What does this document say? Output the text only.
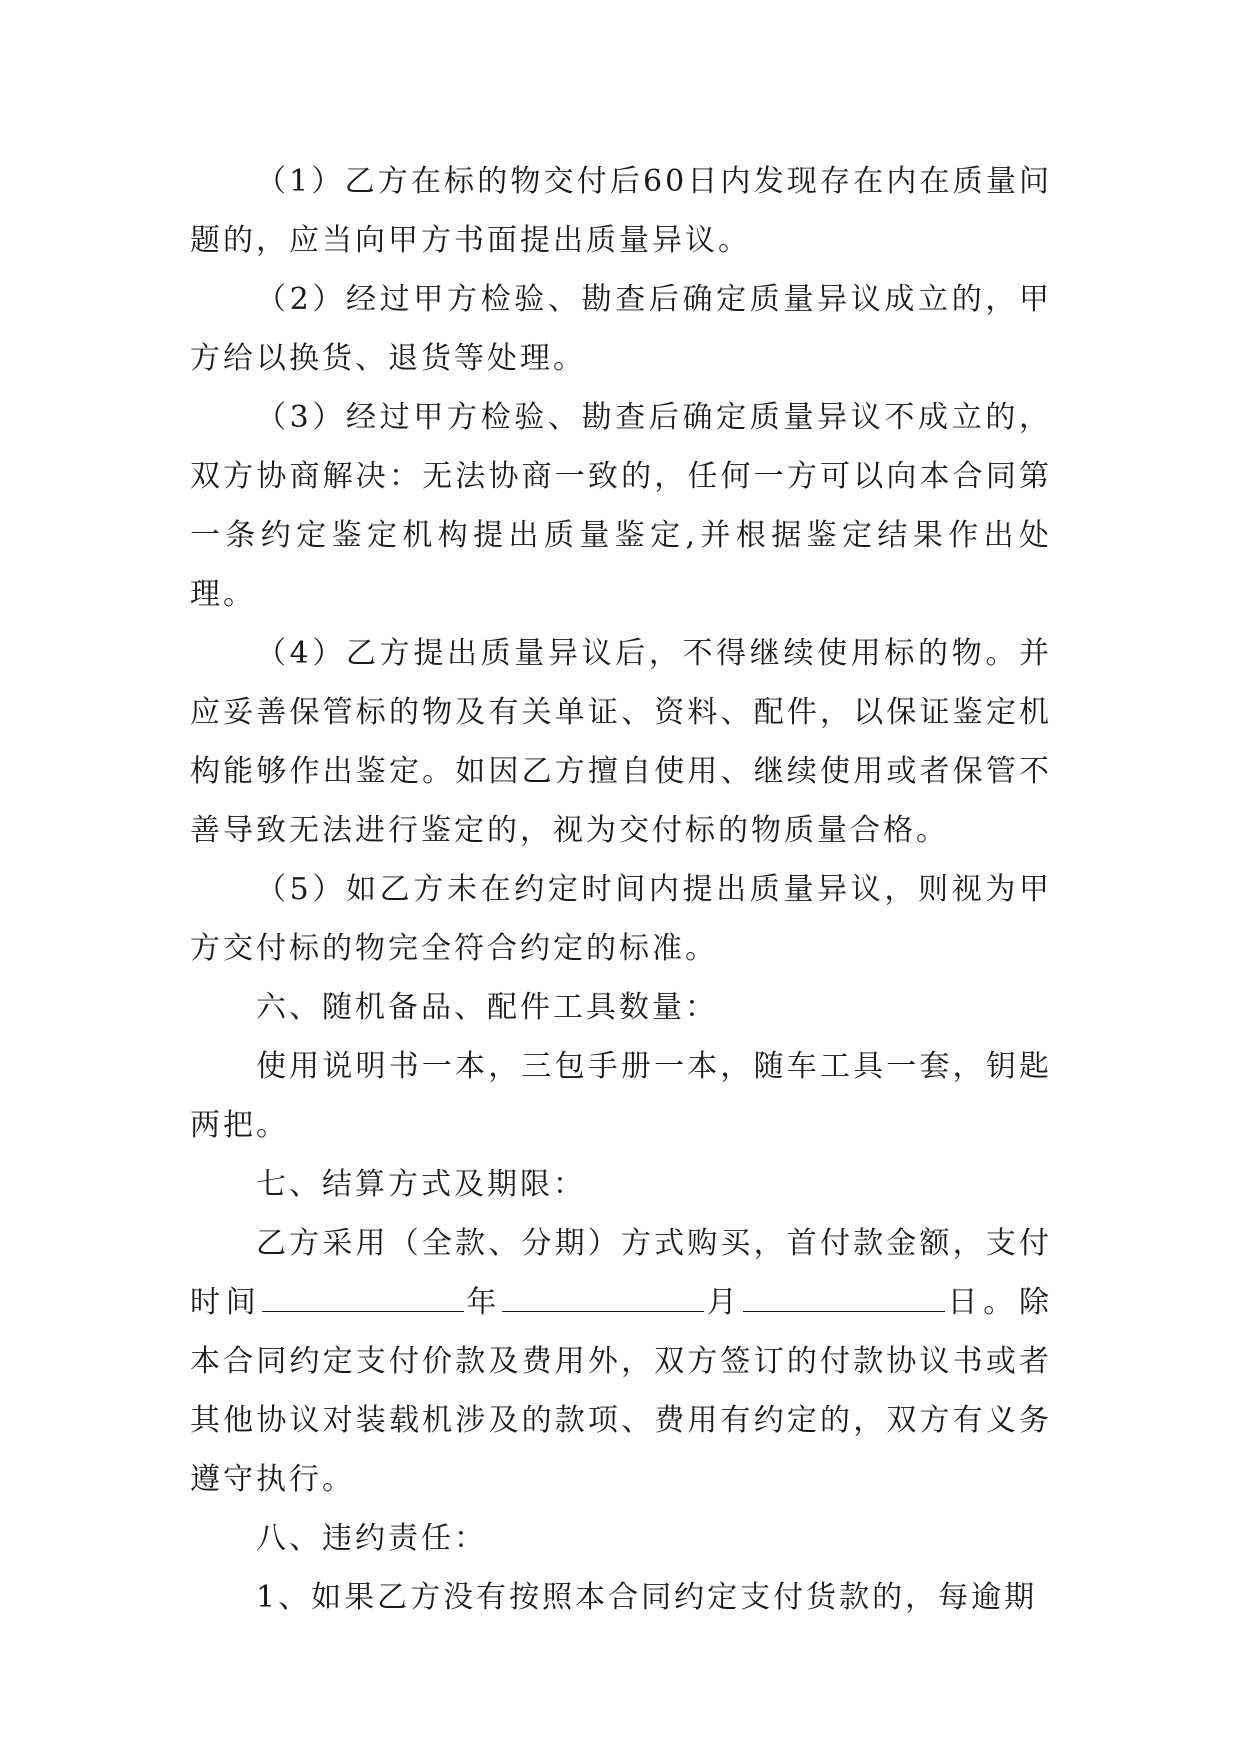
（1）乙方在标的物交付后60日内发现存在内在质量问题的，应当向甲方书面提出质量异议。

（2）经过甲方检验、勘查后确定质量异议成立的，甲方给以换货、退货等处理。

（3）经过甲方检验、勘查后确定质量异议不成立的，双方协商解决：无法协商一致的，任何一方可以向本合同第一条约定鉴定机构提出质量鉴定,并根据鉴定结果作出处理。

（4）乙方提出质量异议后，不得继续使用标的物。并应妥善保管标的物及有关单证、资料、配件，以保证鉴定机构能够作出鉴定。如因乙方擅自使用、继续使用或者保管不善导致无法进行鉴定的，视为交付标的物质量合格。

（5）如乙方未在约定时间内提出质量异议，则视为甲方交付标的物完全符合约定的标准。

六、随机备品、配件工具数量：

使用说明书一本，三包手册一本，随车工具一套，钥匙两把。

七、结算方式及期限：

乙方采用（全款、分期）方式购买，首付款金额，支付时间	年	月	日。除本合同约定支付价款及费用外，双方签订的付款协议书或者其他协议对装载机涉及的款项、费用有约定的，双方有义务遵守执行。

八、违约责任：

1、如果乙方没有按照本合同约定支付货款的，每逾期
